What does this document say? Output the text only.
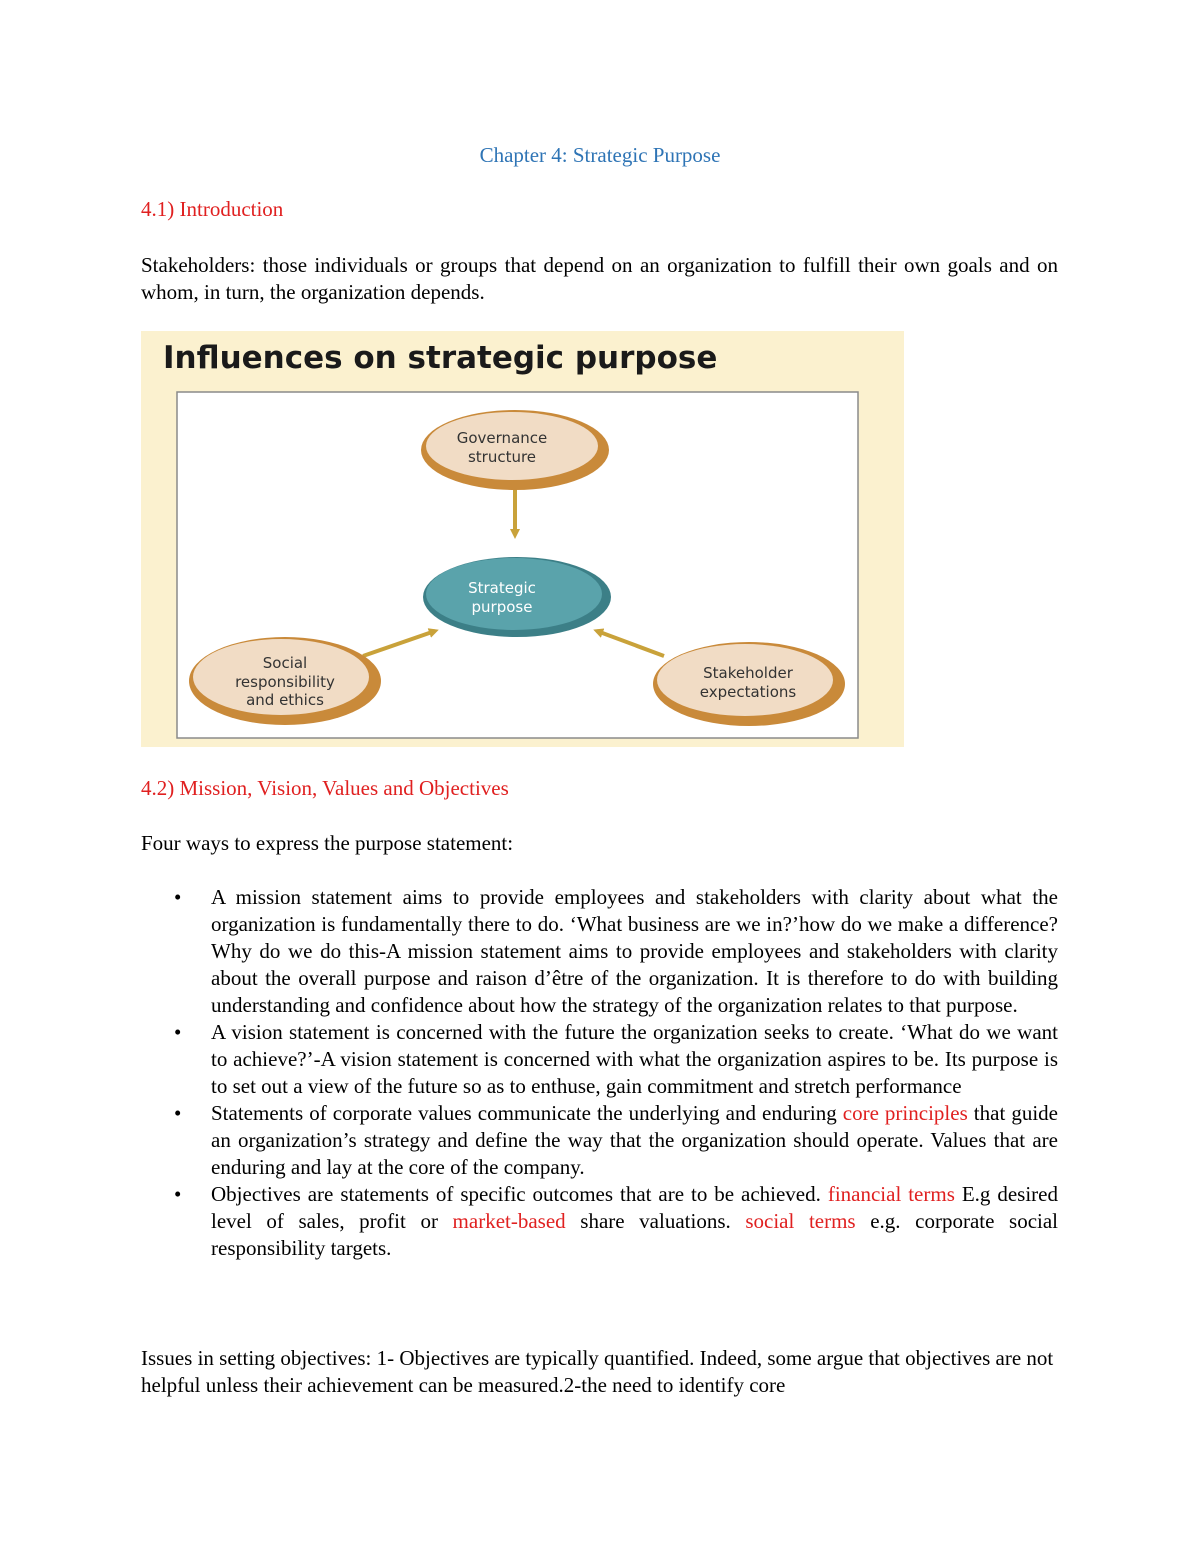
Chapter 4: Strategic Purpose
4.1) Introduction
Stakeholders: those individuals or groups that depend on an organization to fulfill their own goals and on whom, in turn, the organization depends.
Influences on strategic purpose
Governance
structure
Strategic
purpose
Social
responsibility
and ethics
Stakeholder
expectations
4.2) Mission, Vision, Values and Objectives
Four ways to express the purpose statement:
• A mission statement aims to provide employees and stakeholders with clarity about what the organization is fundamentally there to do. ‘What business are we in?’how do we make a difference? Why do we do this-A mission statement aims to provide employees and stakeholders with clarity about the overall purpose and raison d’être of the organization. It is therefore to do with building understanding and confidence about how the strategy of the organization relates to that purpose.
• A vision statement is concerned with the future the organization seeks to create. ‘What do we want to achieve?’-A vision statement is concerned with what the organization aspires to be. Its purpose is to set out a view of the future so as to enthuse, gain commitment and stretch performance
• Statements of corporate values communicate the underlying and enduring core principles that guide an organization’s strategy and define the way that the organization should operate. Values that are enduring and lay at the core of the company.
• Objectives are statements of specific outcomes that are to be achieved. financial terms E.g desired level of sales, profit or market-based share valuations. social terms e.g. corporate social responsibility targets.
Issues in setting objectives: 1- Objectives are typically quantified. Indeed, some argue that objectives are not helpful unless their achievement can be measured.2-the need to identify core
